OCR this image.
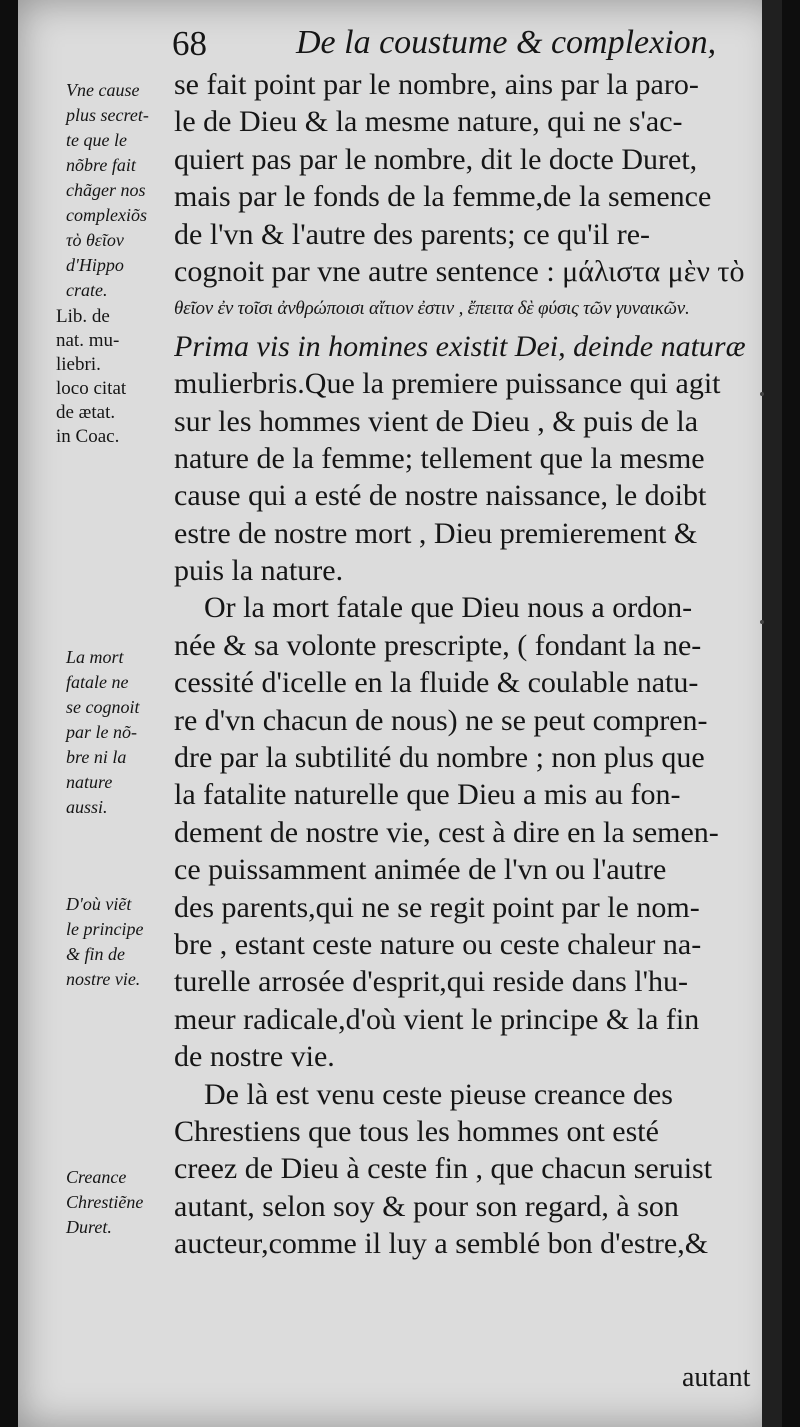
68	De la coustume & complexion,
se fait point par le nombre, ains par la paro-
le de Dieu & la mesme nature, qui ne s'ac-
quiert pas par le nombre, dit le docte Duret,
mais par le fonds de la femme,de la semence
de l'vn & l'autre des parents; ce qu'il re-
cognoit par vne autre sentence : μάλιστα μὲν τὸ
θεῖον ἐν τοῖσι ἀνθρώποισι αἴτιον ἐστιν , ἔπειτα δὲ φύσις τῶν γυναικῶν.
Prima vis in homines existit Dei, deinde naturæ
mulierbris.Que la premiere puissance qui agit
sur les hommes vient de Dieu , & puis de la
nature de la femme; tellement que la mesme
cause qui a esté de nostre naissance, le doibt
estre de nostre mort , Dieu premierement &
puis la nature.
Or la mort fatale que Dieu nous a ordon-
née & sa volonte prescripte, ( fondant la ne-
cessité d'icelle en la fluide & coulable natu-
re d'vn chacun de nous) ne se peut compren-
dre par la subtilité du nombre ; non plus que
la fatalite naturelle que Dieu a mis au fon-
dement de nostre vie, cest à dire en la semen-
ce puissamment animée de l'vn ou l'autre
des parents,qui ne se regit point par le nom-
bre , estant ceste nature ou ceste chaleur na-
turelle arrosée d'esprit,qui reside dans l'hu-
meur radicale,d'où vient le principe & la fin
de nostre vie.
De là est venu ceste pieuse creance des
Chrestiens que tous les hommes ont esté
creez de Dieu à ceste fin , que chacun seruist
autant, selon soy & pour son regard, à son
aucteur,comme il luy a semblé bon d'estre,&
Vne cause
plus secret-
te que le
nõbre fait
chãger nos
complexiõs
τὸ θεῖον
d'Hippo
crate.
Lib. de
nat. mu-
liebri.
loco citat
de ætat.
in Coac.
La mort
fatale ne
se cognoit
par le nõ-
bre ni la
nature
aussi.
D'où viẽt
le principe
& fin de
nostre vie.
Creance
Chrestiẽne
Duret.
autant
